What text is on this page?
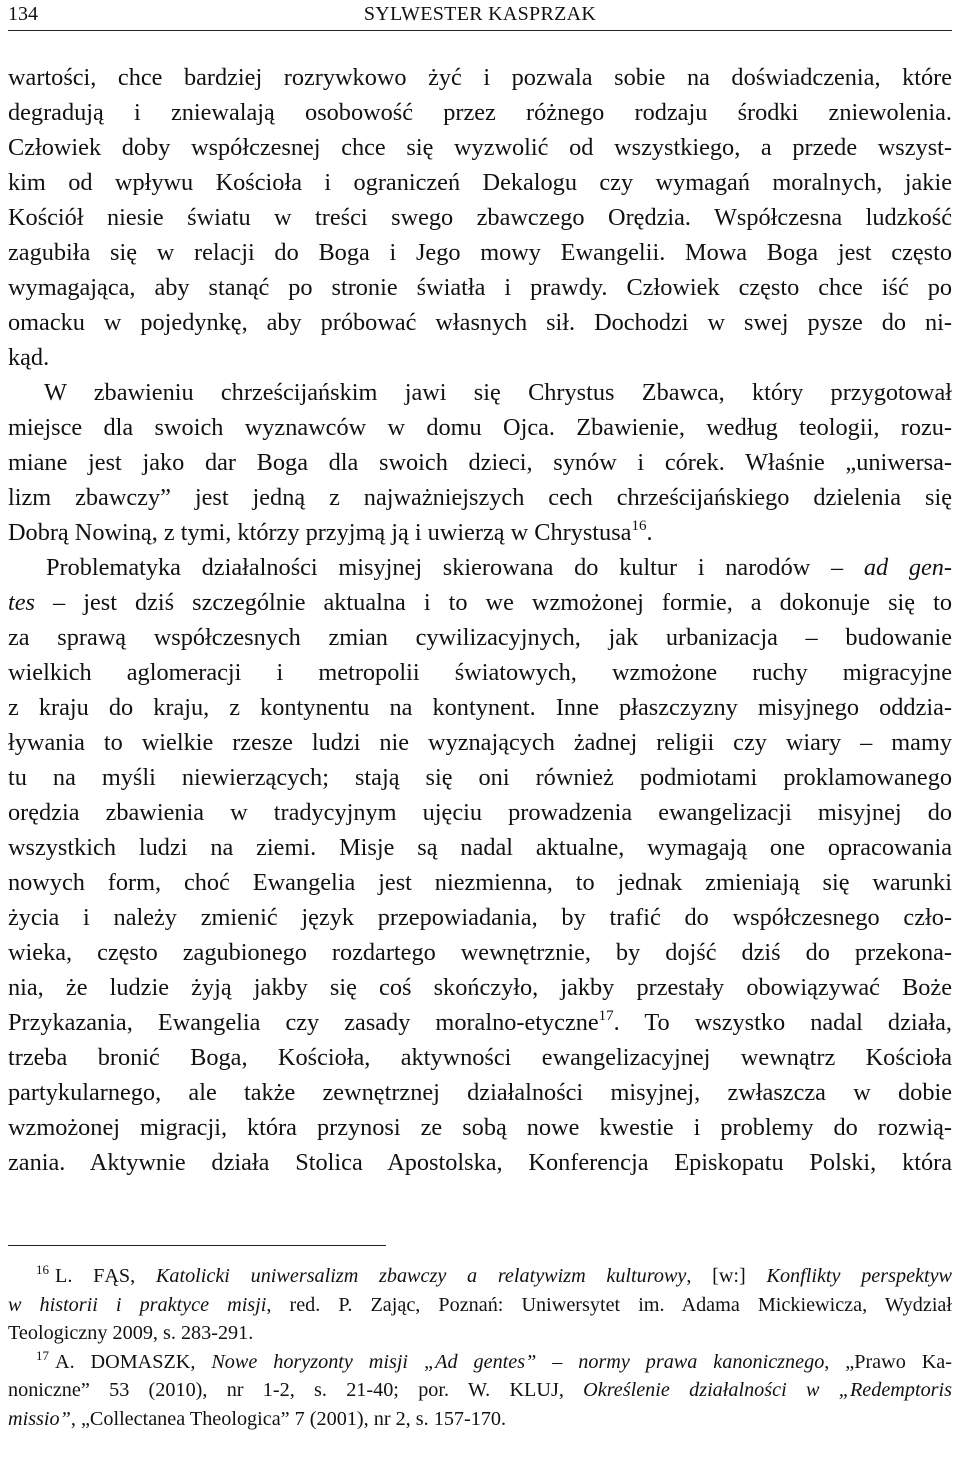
134	SYLWESTER KASPRZAK

wartości, chce bardziej rozrywkowo żyć i pozwala sobie na doświadczenia, które
degradują i zniewalają osobowość przez różnego rodzaju środki zniewolenia.
Człowiek doby współczesnej chce się wyzwolić od wszystkiego, a przede wszyst-
kim od wpływu Kościoła i ograniczeń Dekalogu czy wymagań moralnych, jakie
Kościół niesie światu w treści swego zbawczego Orędzia. Współczesna ludzkość
zagubiła się w relacji do Boga i Jego mowy Ewangelii. Mowa Boga jest często
wymagająca, aby stanąć po stronie światła i prawdy. Człowiek często chce iść po
omacku w pojedynkę, aby próbować własnych sił. Dochodzi w swej pysze do ni-
kąd.

W zbawieniu chrześcijańskim jawi się Chrystus Zbawca, który przygotował
miejsce dla swoich wyznawców w domu Ojca. Zbawienie, według teologii, rozu-
miane jest jako dar Boga dla swoich dzieci, synów i córek. Właśnie „uniwersa-
lizm zbawczy” jest jedną z najważniejszych cech chrześcijańskiego dzielenia się
Dobrą Nowiną, z tymi, którzy przyjmą ją i uwierzą w Chrystusa$^{16}$.

Problematyka działalności misyjnej skierowana do kultur i narodów – ad gen-
tes – jest dziś szczególnie aktualna i to we wzmożonej formie, a dokonuje się to
za sprawą współczesnych zmian cywilizacyjnych, jak urbanizacja – budowanie
wielkich aglomeracji i metropolii światowych, wzmożone ruchy migracyjne
z kraju do kraju, z kontynentu na kontynent. Inne płaszczyzny misyjnego oddzia-
ływania to wielkie rzesze ludzi nie wyznających żadnej religii czy wiary – mamy
tu na myśli niewierzących; stają się oni również podmiotami proklamowanego
orędzia zbawienia w tradycyjnym ujęciu prowadzenia ewangelizacji misyjnej do
wszystkich ludzi na ziemi. Misje są nadal aktualne, wymagają one opracowania
nowych form, choć Ewangelia jest niezmienna, to jednak zmieniają się warunki
życia i należy zmienić język przepowiadania, by trafić do współczesnego czło-
wieka, często zagubionego rozdartego wewnętrznie, by dojść dziś do przekona-
nia, że ludzie żyją jakby się coś skończyło, jakby przestały obowiązywać Boże
Przykazania, Ewangelia czy zasady moralno-etyczne$^{17}$. To wszystko nadal działa,
trzeba bronić Boga, Kościoła, aktywności ewangelizacyjnej wewnątrz Kościoła
partykularnego, ale także zewnętrznej działalności misyjnej, zwłaszcza w dobie
wzmożonej migracji, która przynosi ze sobą nowe kwestie i problemy do rozwią-
zania. Aktywnie działa Stolica Apostolska, Konferencja Episkopatu Polski, która

$^{16}$ L. FĄS, Katolicki uniwersalizm zbawczy a relatywizm kulturowy, [w:] Konflikty perspektyw
w historii i praktyce misji, red. P. Zając, Poznań: Uniwersytet im. Adama Mickiewicza, Wydział
Teologiczny 2009, s. 283-291.
$^{17}$ A. DOMASZK, Nowe horyzonty misji „Ad gentes” – normy prawa kanonicznego, „Prawo Ka-
noniczne” 53 (2010), nr 1-2, s. 21-40; por. W. KLUJ, Określenie działalności w „Redemptoris
missio”, „Collectanea Theologica” 7 (2001), nr 2, s. 157-170.
